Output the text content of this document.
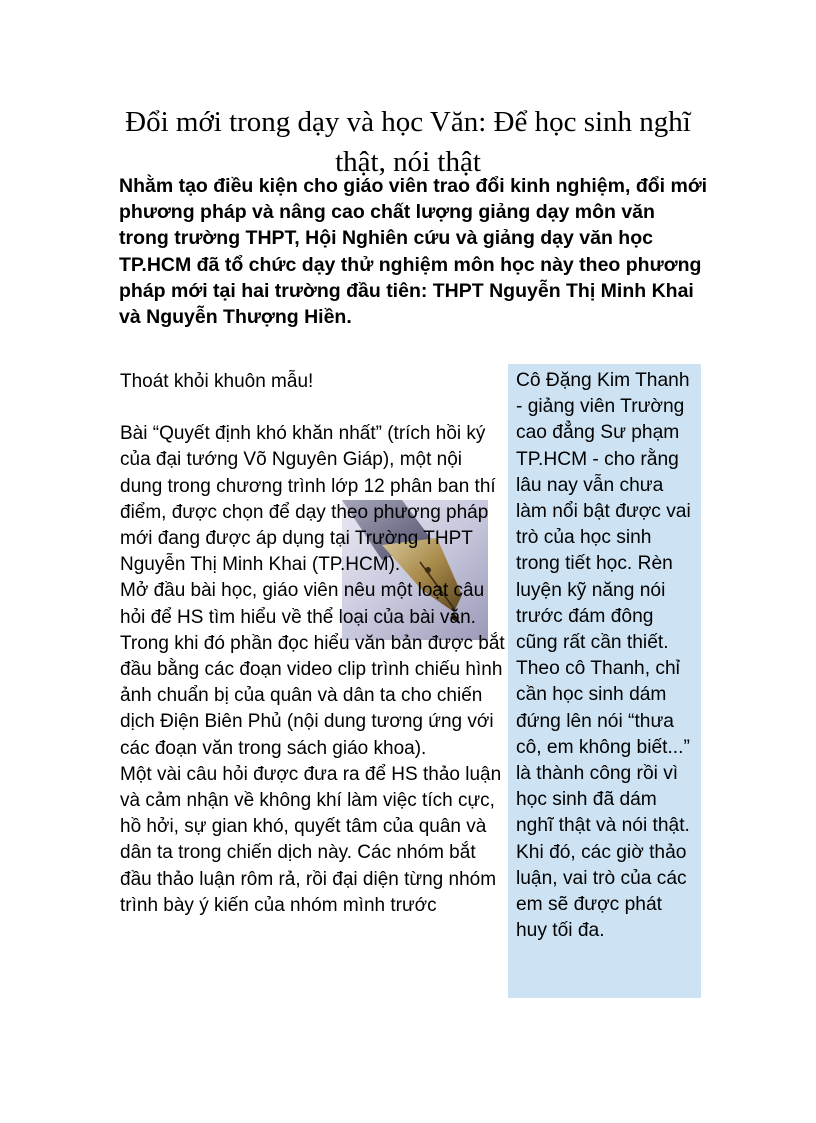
Đổi mới trong dạy và học Văn: Để học sinh nghĩ thật, nói thật

Nhằm tạo điều kiện cho giáo viên trao đổi kinh nghiệm, đổi mới phương pháp và nâng cao chất lượng giảng dạy môn văn trong trường THPT, Hội Nghiên cứu và giảng dạy văn học TP.HCM đã tổ chức dạy thử nghiệm môn học này theo phương pháp mới tại hai trường đầu tiên: THPT Nguyễn Thị Minh Khai và Nguyễn Thượng Hiền.

Thoát khỏi khuôn mẫu!

Bài “Quyết định khó khăn nhất” (trích hồi ký của đại tướng Võ Nguyên Giáp), một nội dung trong chương trình lớp 12 phân ban thí điểm, được chọn để dạy theo phương pháp mới đang được áp dụng tại Trường THPT Nguyễn Thị Minh Khai (TP.HCM).

Mở đầu bài học, giáo viên nêu một loạt câu hỏi để HS tìm hiểu về thể loại của bài văn. Trong khi đó phần đọc hiểu văn bản được bắt đầu bằng các đoạn video clip trình chiếu hình ảnh chuẩn bị của quân và dân ta cho chiến dịch Điện Biên Phủ (nội dung tương ứng với các đoạn văn trong sách giáo khoa).

Một vài câu hỏi được đưa ra để HS thảo luận và cảm nhận về không khí làm việc tích cực, hồ hởi, sự gian khó, quyết tâm của quân và dân ta trong chiến dịch này. Các nhóm bắt đầu thảo luận rôm rả, rồi đại diện từng nhóm trình bày ý kiến của nhóm mình trước

Cô Đặng Kim Thanh - giảng viên Trường cao đẳng Sư phạm TP.HCM - cho rằng lâu nay vẫn chưa làm nổi bật được vai trò của học sinh trong tiết học. Rèn luyện kỹ năng nói trước đám đông cũng rất cần thiết. Theo cô Thanh, chỉ cần học sinh dám đứng lên nói “thưa cô, em không biết...” là thành công rồi vì học sinh đã dám nghĩ thật và nói thật. Khi đó, các giờ thảo luận, vai trò của các em sẽ được phát huy tối đa.
